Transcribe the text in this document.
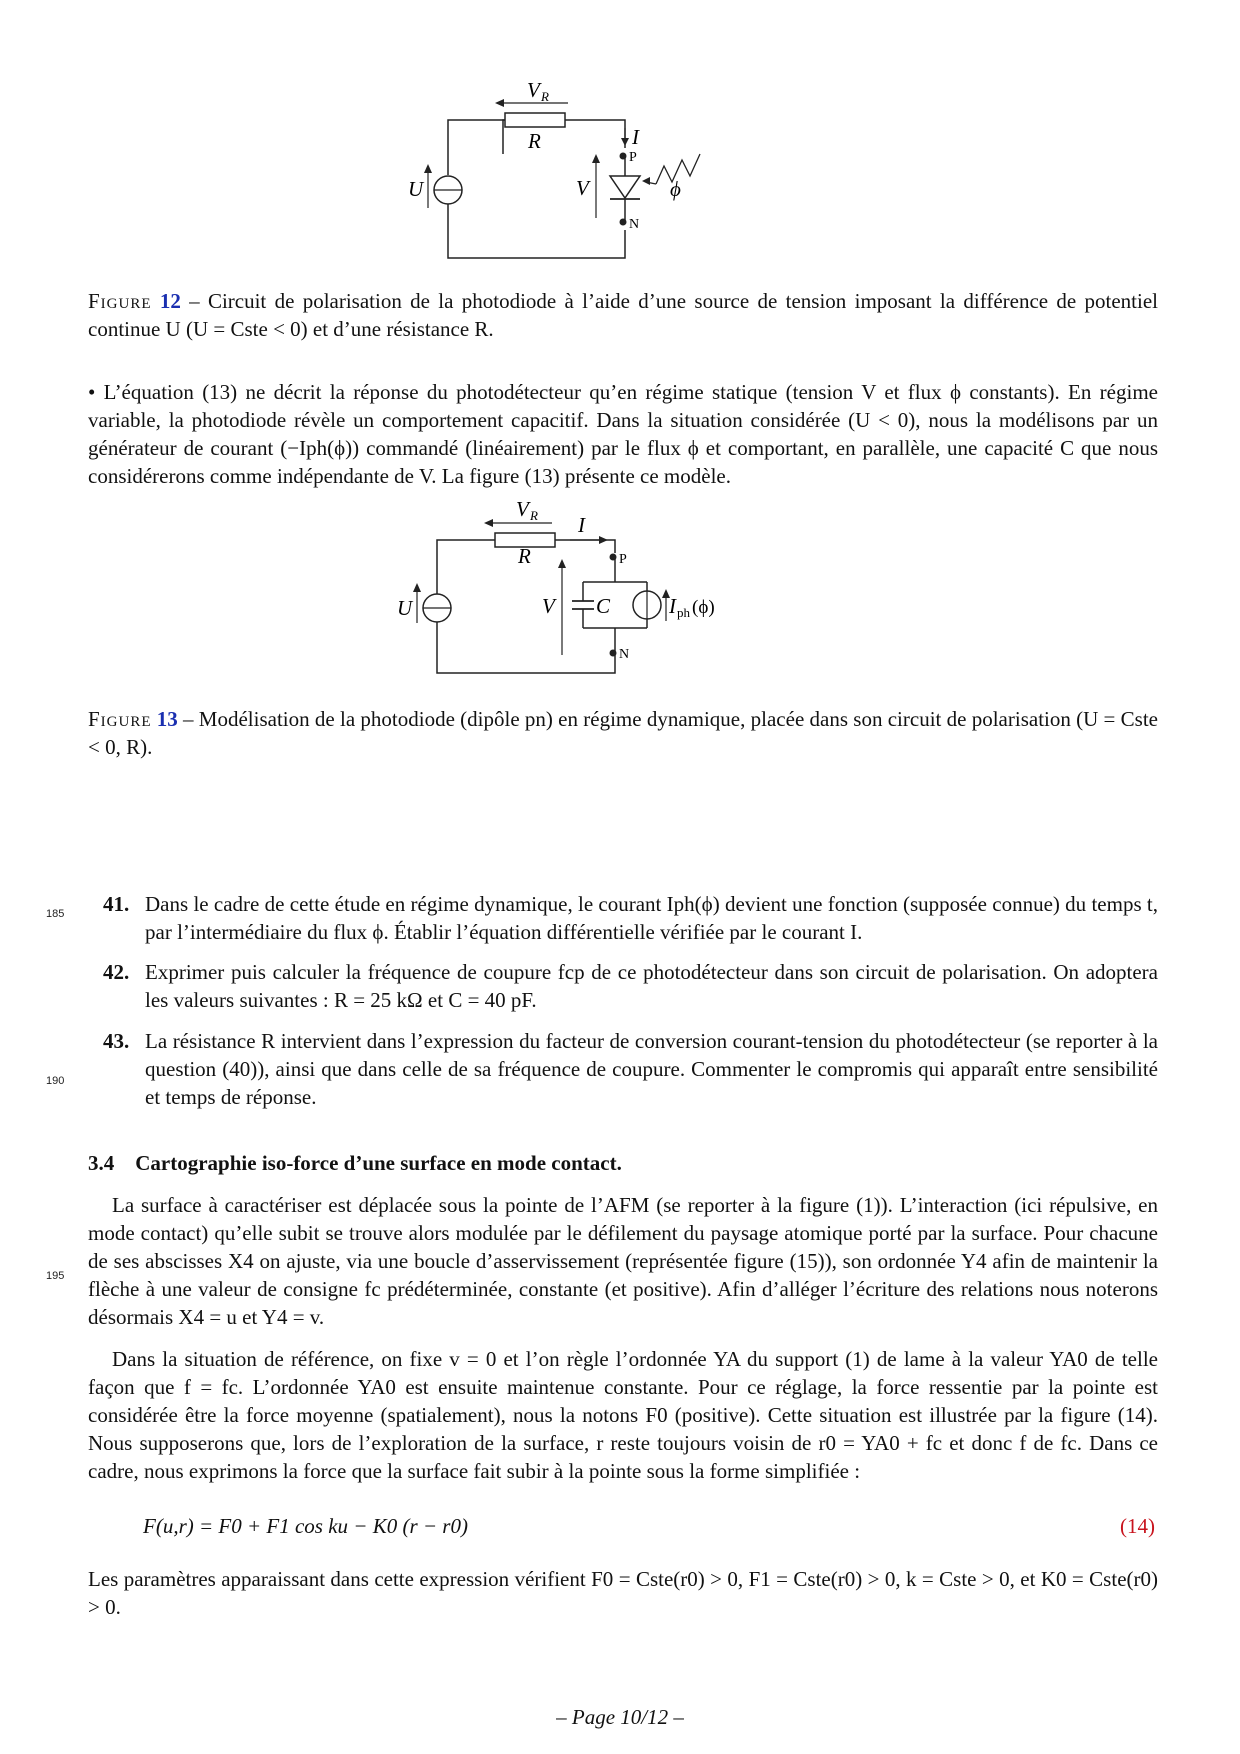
V R
R	I
P
N
V
U	ϕ
Figure 12 – Circuit de polarisation de la photodiode à l’aide d’une source de tension imposant la différence de potentiel continue U (U = Cste < 0) et d’une résistance R.
• L’équation (13) ne décrit la réponse du photodétecteur qu’en régime statique (tension V et flux ϕ constants). En régime variable, la photodiode révèle un comportement capacitif. Dans la situation considérée (U < 0), nous la modélisons par un générateur de courant (−Iph(ϕ)) commandé (linéairement) par le flux ϕ et comportant, en parallèle, une capacité C que nous considérerons comme indépendante de V. La figure (13) présente ce modèle.
V R
R
I
P
C	I ph (ϕ)
N
V
U
Figure 13 – Modélisation de la photodiode (dipôle pn) en régime dynamique, placée dans son circuit de polarisation (U = Cste < 0, R).
185
190
195
41. Dans le cadre de cette étude en régime dynamique, le courant Iph(ϕ) devient une fonction (supposée connue) du temps t, par l’intermédiaire du flux ϕ. Établir l’équation différentielle vérifiée par le courant I.
42. Exprimer puis calculer la fréquence de coupure fcp de ce photodétecteur dans son circuit de polarisation. On adoptera les valeurs suivantes : R = 25 kΩ et C = 40 pF.
43. La résistance R intervient dans l’expression du facteur de conversion courant-tension du photodétecteur (se reporter à la question (40)), ainsi que dans celle de sa fréquence de coupure. Commenter le compromis qui apparaît entre sensibilité et temps de réponse.
3.4 Cartographie iso-force d’une surface en mode contact.
La surface à caractériser est déplacée sous la pointe de l’AFM (se reporter à la figure (1)). L’interaction (ici répulsive, en mode contact) qu’elle subit se trouve alors modulée par le défilement du paysage atomique porté par la surface. Pour chacune de ses abscisses X4 on ajuste, via une boucle d’asservissement (représentée figure (15)), son ordonnée Y4 afin de maintenir la flèche à une valeur de consigne fc prédéterminée, constante (et positive). Afin d’alléger l’écriture des relations nous noterons désormais X4 = u et Y4 = v.
Dans la situation de référence, on fixe v = 0 et l’on règle l’ordonnée YA du support (1) de lame à la valeur YA0 de telle façon que f = fc. L’ordonnée YA0 est ensuite maintenue constante. Pour ce réglage, la force ressentie par la pointe est considérée être la force moyenne (spatialement), nous la notons F0 (positive). Cette situation est illustrée par la figure (14). Nous supposerons que, lors de l’exploration de la surface, r reste toujours voisin de r0 = YA0 + fc et donc f de fc. Dans ce cadre, nous exprimons la force que la surface fait subir à la pointe sous la forme simplifiée :
F(u,r) = F0 + F1 cos ku − K0 (r − r0)	(14)
Les paramètres apparaissant dans cette expression vérifient F0 = Cste(r0) > 0, F1 = Cste(r0) > 0, k = Cste > 0, et K0 = Cste(r0) > 0.
– Page 10/12 –
